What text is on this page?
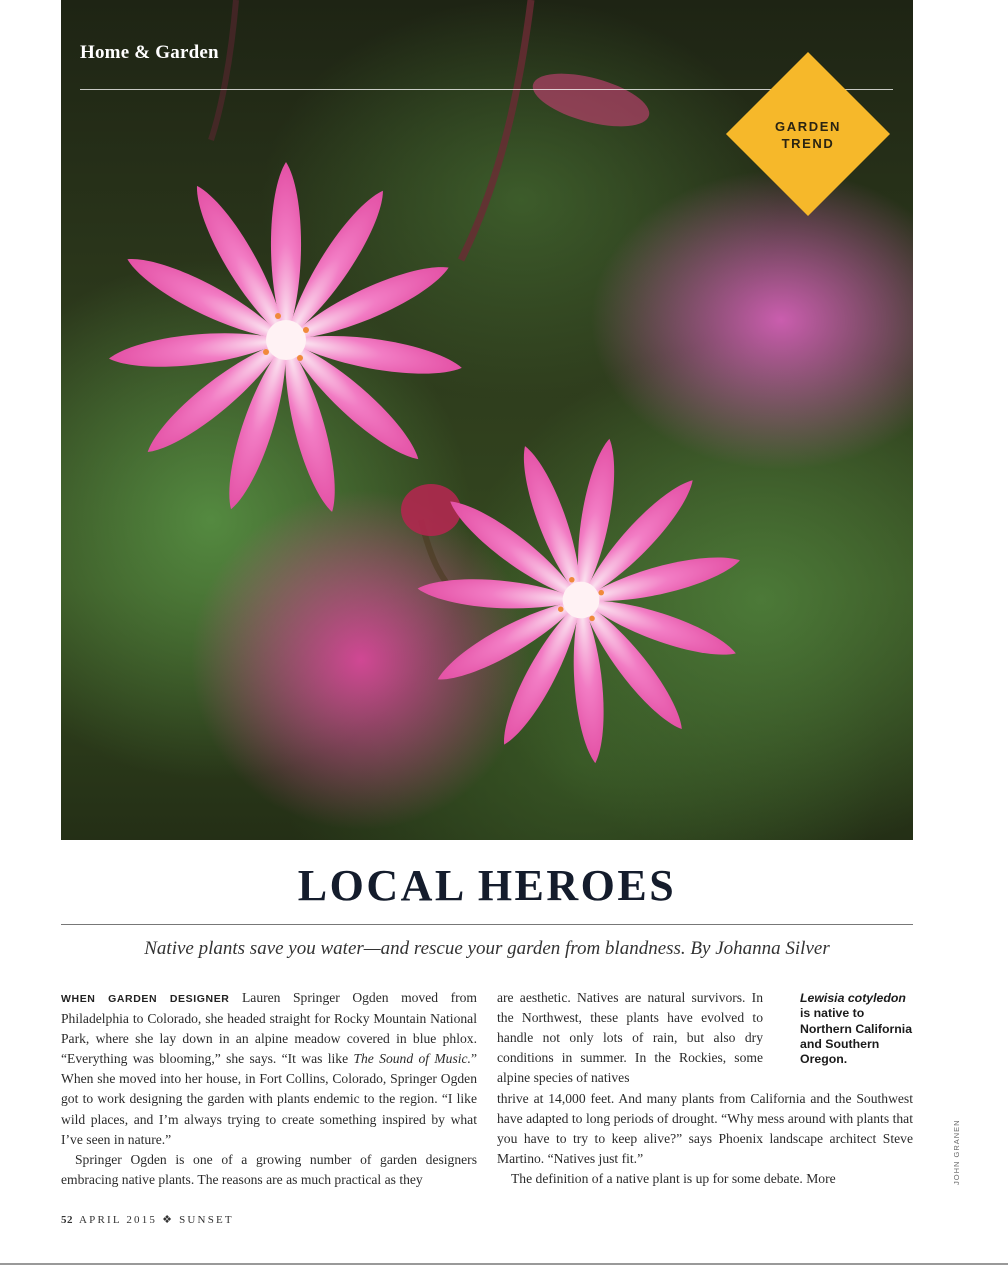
Home & Garden
GARDEN
TREND
LOCAL HEROES
Native plants save you water—and rescue your garden from blandness. By Johanna Silver

WHEN GARDEN DESIGNER Lauren Springer Ogden moved from Philadelphia to Colorado, she headed straight for Rocky Mountain National Park, where she lay down in an alpine meadow covered in blue phlox. “Everything was blooming,” she says. “It was like The Sound of Music.” When she moved into her house, in Fort Collins, Colorado, Springer Ogden got to work designing the garden with plants endemic to the region. “I like wild places, and I’m always trying to create something inspired by what I’ve seen in nature.”

Springer Ogden is one of a growing number of garden designers embracing native plants. The reasons are as much practical as they

are aesthetic. Natives are natural survivors. In the Northwest, these plants have evolved to handle not only lots of rain, but also dry conditions in summer. In the Rockies, some alpine species of natives

thrive at 14,000 feet. And many plants from California and the Southwest have adapted to long periods of drought. “Why mess around with plants that you have to try to keep alive?” says Phoenix landscape architect Steve Martino. “Natives just fit.”

The definition of a native plant is up for some debate. More

Lewisia cotyledon is native to Northern California and Southern Oregon.
JOHN GRANEN
52 APRIL 2015 ❖ SUNSET
